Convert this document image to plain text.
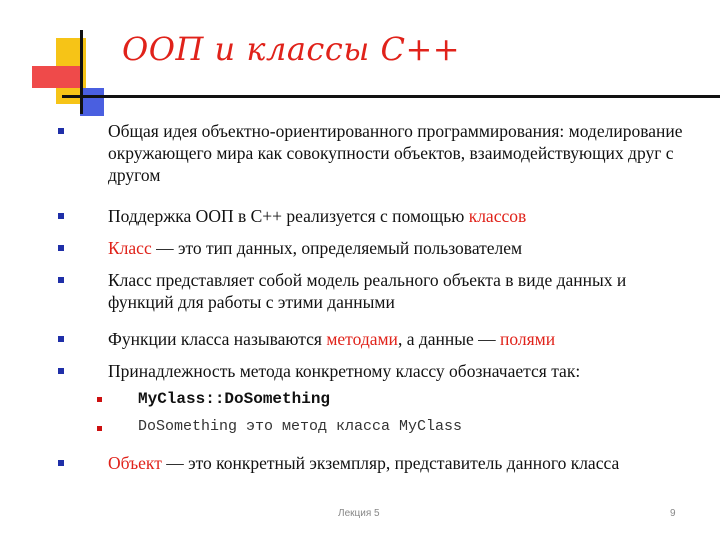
ООП и классы С++
Общая идея объектно-ориентированного программирования: моделирование окружающего мира как совокупности объектов, взаимодействующих друг с другом
Поддержка ООП в С++ реализуется с помощью классов
Класс — это тип данных, определяемый пользователем
Класс представляет собой модель реального объекта в виде данных и функций для работы с этими данными
Функции класса называются методами, а данные — полями
Принадлежность метода конкретному классу обозначается так:
MyClass::DoSomething
DoSomething это метод класса MyClass
Объект — это конкретный экземпляр, представитель данного класса
Лекция 5	9
